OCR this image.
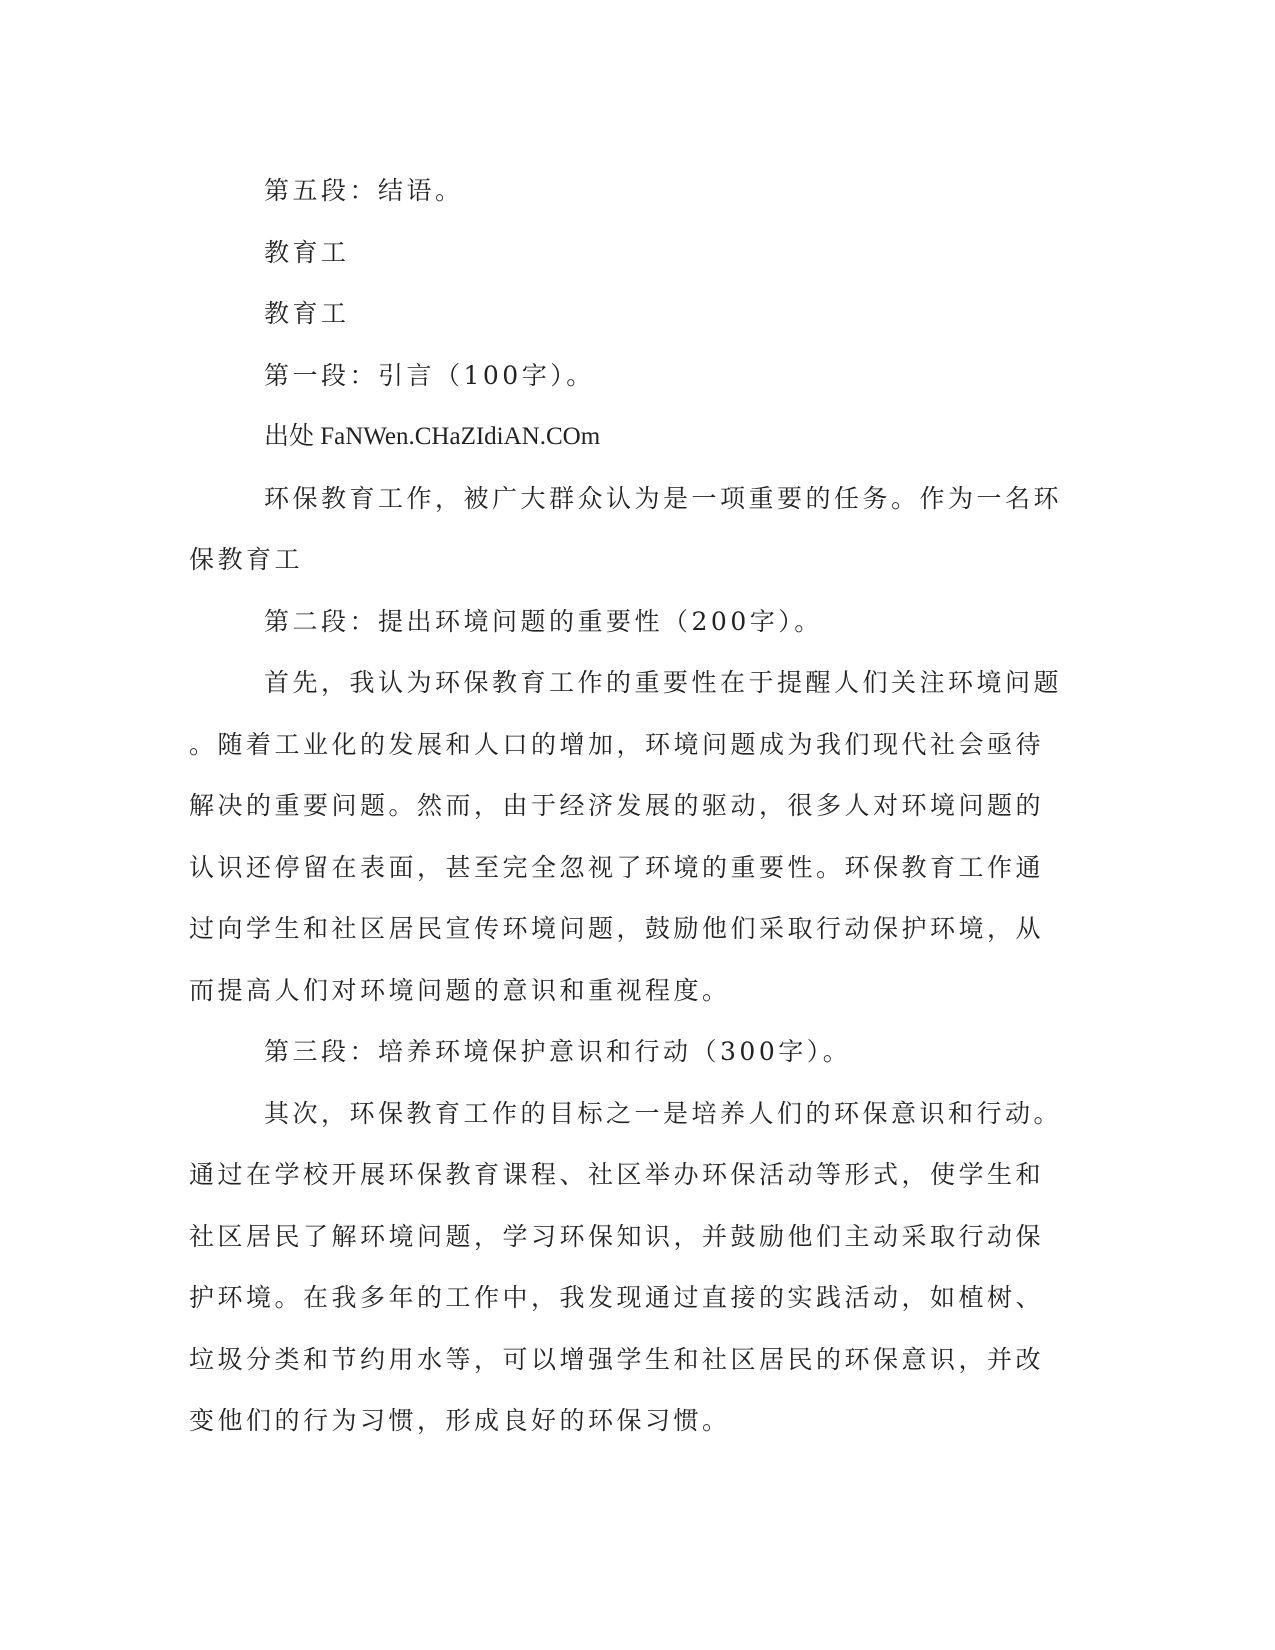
第五段：结语。
教育工
教育工
第一段：引言（100字）。
出处 FaNWen.CHaZIdiAN.COm
环保教育工作，被广大群众认为是一项重要的任务。作为一名环
保教育工
第二段：提出环境问题的重要性（200字）。
首先，我认为环保教育工作的重要性在于提醒人们关注环境问题
。随着工业化的发展和人口的增加，环境问题成为我们现代社会亟待
解决的重要问题。然而，由于经济发展的驱动，很多人对环境问题的
认识还停留在表面，甚至完全忽视了环境的重要性。环保教育工作通
过向学生和社区居民宣传环境问题，鼓励他们采取行动保护环境，从
而提高人们对环境问题的意识和重视程度。
第三段：培养环境保护意识和行动（300字）。
其次，环保教育工作的目标之一是培养人们的环保意识和行动。
通过在学校开展环保教育课程、社区举办环保活动等形式，使学生和
社区居民了解环境问题，学习环保知识，并鼓励他们主动采取行动保
护环境。在我多年的工作中，我发现通过直接的实践活动，如植树、
垃圾分类和节约用水等，可以增强学生和社区居民的环保意识，并改
变他们的行为习惯，形成良好的环保习惯。
